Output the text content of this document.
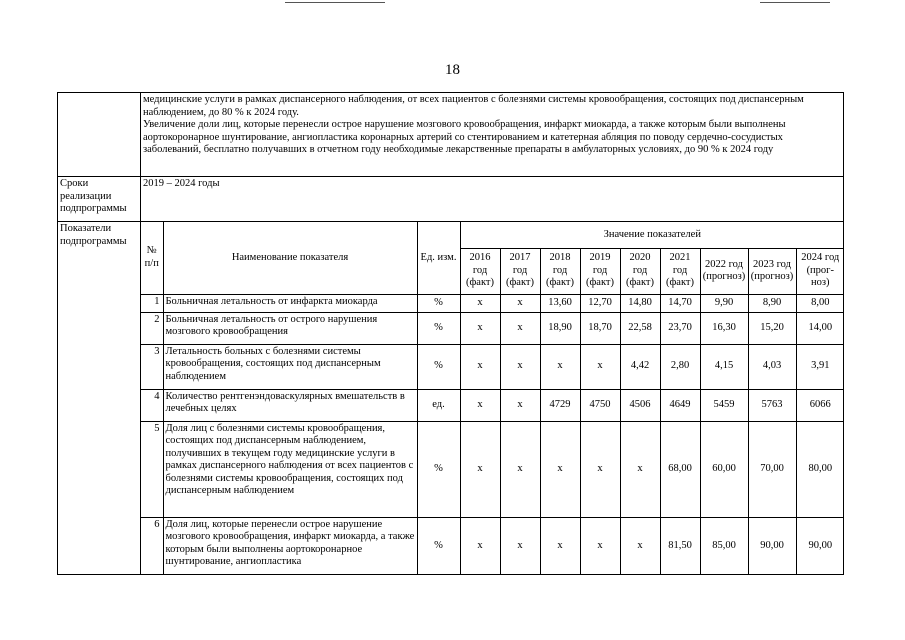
18

медицинские услуги в рамках диспансерного наблюдения, от всех пациентов с болезнями системы кровообращения, состоящих под диспансерным наблюдением, до 80 % к 2024 году.

Увеличение доли лиц, которые перенесли острое нарушение мозгового кровообращения, инфаркт миокарда, а также которым были выполнены аортокоронарное шунтирование, ангиопластика коронарных артерий со стентированием и катетерная абляция по поводу сердечно-сосудистых заболеваний, бесплатно получавших в отчетном году необходимые лекарственные препараты в амбулаторных условиях, до 90 % к 2024 году

Сроки реализации подпрограммы	2019 – 2024 годы
Показатели подпрограммы	
№ п/п	Наименование показателя	Ед. изм.	Значение показателей
2016 год (факт)	2017 год (факт)	2018 год (факт)	2019 год (факт)	2020 год (факт)	2021 год (факт)	2022 год (прогноз)	2023 год (прогноз)	2024 год (прог-ноз)
1	Больничная летальность от инфаркта миокарда	%	х	х	13,60	12,70	14,80	14,70	9,90	8,90	8,00
2	Больничная летальность от острого нарушения мозгового кровообращения	%	х	х	18,90	18,70	22,58	23,70	16,30	15,20	14,00
3	Летальность больных с болезнями системы кровообращения, состоящих под диспансерным наблюдением	%	х	х	х	х	4,42	2,80	4,15	4,03	3,91
4	Количество рентгенэндоваскулярных вмешательств в лечебных целях	ед.	х	х	4729	4750	4506	4649	5459	5763	6066
5	Доля лиц с болезнями системы кровообращения, состоящих под диспансерным наблюдением, получивших в текущем году медицинские услуги в рамках диспансерного наблюдения от всех пациентов с болезнями системы кровообращения, состоящих под диспансерным наблюдением	%	х	х	х	х	х	68,00	60,00	70,00	80,00
6	Доля лиц, которые перенесли острое нарушение мозгового кровообращения, инфаркт миокарда, а также которым были выполнены аортокоронарное шунтирование, ангиопластика	%	х	х	х	х	х	81,50	85,00	90,00	90,00
